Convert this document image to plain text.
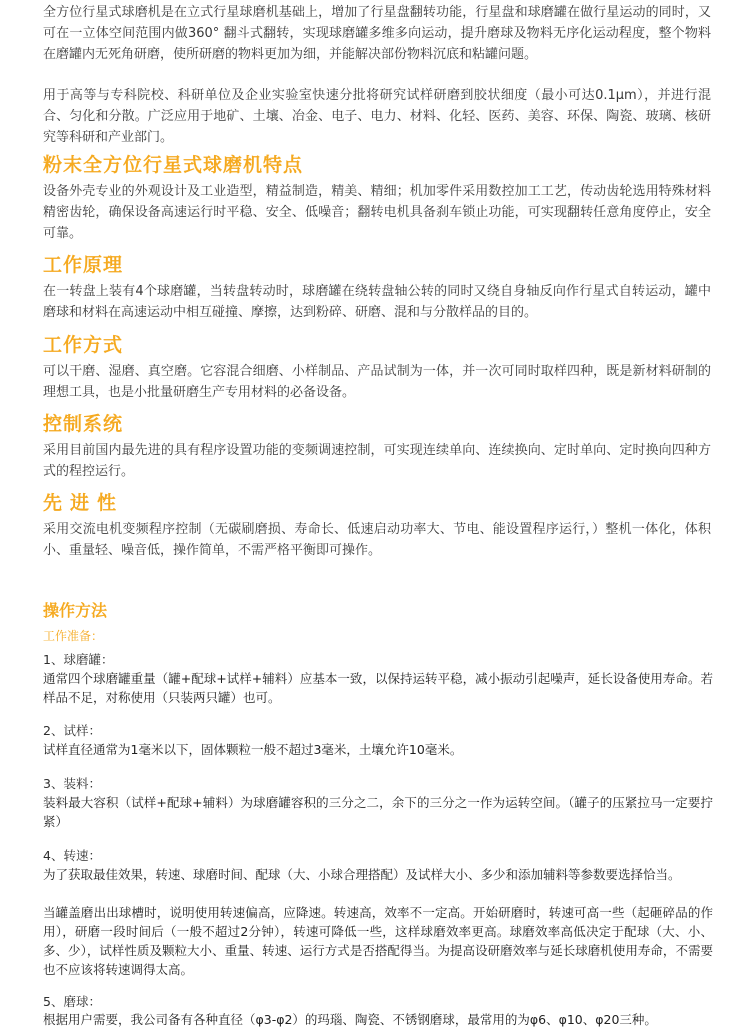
全方位行星式球磨机是在立式行星球磨机基础上，增加了行星盘翻转功能，行星盘和球磨罐在做行星运动的同时，又可在一立体空间范围内做360° 翻斗式翻转，实现球磨罐多维多向运动，提升磨球及物料无序化运动程度，整个物料在磨罐内无死角研磨，使所研磨的物料更加为细，并能解决部份物料沉底和粘罐问题。

用于高等与专科院校、科研单位及企业实验室快速分批将研究试样研磨到胶状细度（最小可达0.1μm），并进行混合、匀化和分散。广泛应用于地矿、土壤、冶金、电子、电力、材料、化轻、医药、美容、环保、陶瓷、玻璃、核研究等科研和产业部门。

粉末全方位行星式球磨机特点

设备外壳专业的外观设计及工业造型，精益制造，精美、精细；机加零件采用数控加工工艺，传动齿轮选用特殊材料精密齿轮，确保设备高速运行时平稳、安全、低噪音；翻转电机具备刹车锁止功能，可实现翻转任意角度停止，安全可靠。

工作原理

在一转盘上装有4个球磨罐，当转盘转动时，球磨罐在绕转盘轴公转的同时又绕自身轴反向作行星式自转运动，罐中磨球和材料在高速运动中相互碰撞、摩擦，达到粉碎、研磨、混和与分散样品的目的。

工作方式

可以干磨、湿磨、真空磨。它容混合细磨、小样制品、产品试制为一体，并一次可同时取样四种，既是新材料研制的理想工具，也是小批量研磨生产专用材料的必备设备。

控制系统

采用目前国内最先进的具有程序设置功能的变频调速控制，可实现连续单向、连续换向、定时单向、定时换向四种方式的程控运行。

先进性

采用交流电机变频程序控制（无碳刷磨损、寿命长、低速启动功率大、节电、能设置程序运行，）整机一体化，体积小、重量轻、噪音低，操作简单，不需严格平衡即可操作。

操作方法

工作准备：

1、球磨罐：

通常四个球磨罐重量（罐+配球+试样+辅料）应基本一致，以保持运转平稳，减小振动引起噪声，延长设备使用寿命。若样品不足，对称使用（只装两只罐）也可。

2、试样：

试样直径通常为1毫米以下，固体颗粒一般不超过3毫米，土壤允许10毫米。

3、装料：

装料最大容积（试样+配球+辅料）为球磨罐容积的三分之二，余下的三分之一作为运转空间。（罐子的压紧拉马一定要拧紧）

4、转速：

为了获取最佳效果，转速、球磨时间、配球（大、小球合理搭配）及试样大小、多少和添加辅料等参数要选择恰当。

当罐盖磨出出球槽时，说明使用转速偏高，应降速。转速高，效率不一定高。开始研磨时，转速可高一些（起砸碎品的作用），研磨一段时间后（一般不超过2分钟），转速可降低一些，这样球磨效率更高。球磨效率高低决定于配球（大、小、多、少），试样性质及颗粒大小、重量、转速、运行方式是否搭配得当。为提高设研磨效率与延长球磨机使用寿命，不需要也不应该将转速调得太高。

5、磨球：

根据用户需要，我公司备有各种直径（φ3-φ2）的玛瑙、陶瓷、不锈钢磨球，最常用的为φ6、φ10、φ20三种。
